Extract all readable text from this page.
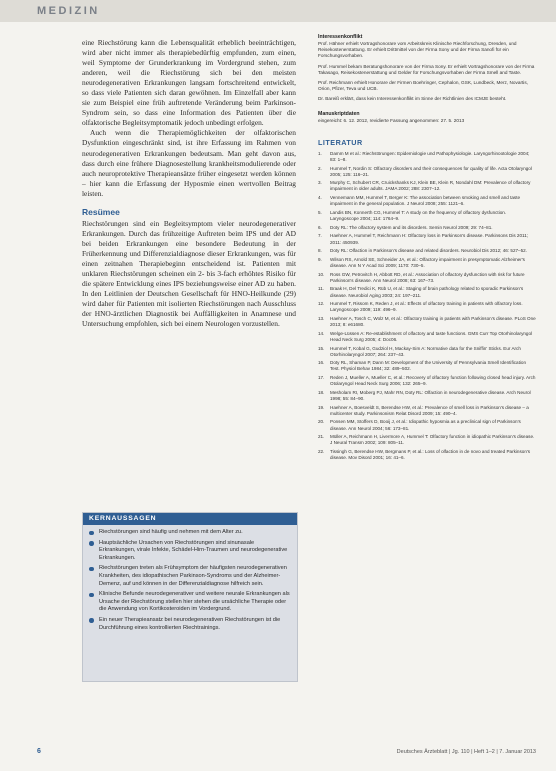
MEDIZIN

eine Riechstörung kann die Lebensqualität erheblich beeinträchtigen, wird aber nicht immer als therapiebedürftig empfunden, zum einen, weil Symptome der Grunderkrankung im Vordergrund stehen, zum anderen, weil die Riechstörung sich bei den meisten neurodegenerativen Erkrankungen langsam fortschreitend entwickelt, so dass viele Patienten sich daran gewöhnen. Im Einzelfall aber kann sie zum Beispiel eine früh auftretende Veränderung beim Parkinson-Syndrom sein, so dass eine Information des Patienten über die olfaktorische Begleitsymptomatik jedoch unbedingt erfolgen.

Auch wenn die Therapiemöglichkeiten der olfaktorischen Dysfunktion eingeschränkt sind, ist ihre Erfassung im Rahmen von neurodegenerativen Erkrankungen bedeutsam. Man geht davon aus, dass durch eine frühere Diagnosestellung krankheitsmodulierende oder auch neuroprotektive Therapieansätze früher eingesetzt werden können – hier kann die Erfassung der Hyposmie einen wertvollen Beitrag leisten.

Resümee

Riechstörungen sind ein Begleitsymptom vieler neurodegenerativer Erkrankungen. Durch das frühzeitige Auftreten beim IPS und der AD bei beiden Erkrankungen eine besondere Bedeutung in der Früherkennung und Differenzialdiagnose dieser Erkrankungen, was für einen zeitnahen Therapiebeginn entscheidend ist. Patienten mit unklaren Riechstörungen scheinen ein 2- bis 3-fach erhöhtes Risiko für die spätere Entwicklung eines IPS beziehungsweise einer AD zu haben. In den Leitlinien der Deutschen Gesellschaft für HNO-Heilkunde (29) wird daher für Patienten mit isolierten Riechstörungen nach Ausschluss der HNO-ärztlichen Diagnostik bei Auffälligkeiten in Anamnese und Untersuchung empfohlen, sich bei einem Neurologen vorzustellen.

KERNAUSSAGEN
Riechstörungen sind häufig und nehmen mit dem Alter zu.
Hauptsächliche Ursachen von Riechstörungen sind sinunasale Erkrankungen, virale Infekte, Schädel-Hirn-Traumen und neurodegenerative Erkrankungen.
Riechstörungen treten als Frühsymptom der häufigsten neurodegenerativen Krankheiten, des idiopathischen Parkinson-Syndroms und der Alzheimer-Demenz, auf und können in der Differenzialdiagnose hilfreich sein.
Klinische Befunde neurodegenerativer und weitere neurale Erkrankungen als Ursache der Riechstörung stellen hier stehen die ursächliche Therapie oder die Anwendung von Kortikosteroiden im Vordergrund.
Ein neuer Therapieansatz bei neurodegenerativen Riechstörungen ist die Durchführung eines kontrollierten Riechtrainings.
Interessenkonflikt

Prof. Hähner erhielt Vortragshonorare vom Arbeitskreis Klinische Riechforschung, Dresden, und Reisekostenerstattung. Er erhielt Drittmittel von der Firma Sony und der Firma Sanofi für ein Forschungsvorhaben.

Prof. Hummel bekam Beratungshonorare von der Firma Sony. Er erhielt Vortragshonorare von der Firma Takasago, Reisekostenerstattung und Gelder für Forschungsvorhaben der Firma Smell and Taste.

Prof. Reichmann erhielt Honorare der Firmen Boehringer, Cephalon, GSK, Lundbeck, Merz, Novartis, Orion, Pfizer, Teva und UCB.

Dr. Bareiß erklärt, dass kein Interessenkonflikt im Sinne der Richtlinien des ICMJE besteht.

Manuskriptdaten

eingereicht: 6. 12. 2012, revidierte Fassung angenommen: 27. 5. 2013

LITERATUR
1. Damm M et al.: Riechstörungen: Epidemiologie und Pathophysiologie. Laryngorhinootologie 2004; 83: 1–8.
2. Hummel T, Nordin S: Olfactory disorders and their consequences for quality of life. Acta Otolaryngol 2005; 125: 116–21.
3. Murphy C, Schubert CR, Cruickshanks KJ, Klein BE, Klein R, Nondahl DM: Prevalence of olfactory impairment in older adults. JAMA 2002; 288: 2307–12.
4. Vennemann MM, Hummel T, Berger K: The association between smoking and smell and taste impairment in the general population. J Neurol 2008; 255: 1121–6.
5. Landis BN, Konnerth CG, Hummel T: A study on the frequency of olfactory dysfunction. Laryngoscope 2004; 114: 1764–9.
6. Doty RL: The olfactory system and its disorders. Semin Neurol 2009; 29: 74–81.
7. Haehner A, Hummel T, Reichmann H: Olfactory loss in Parkinson's disease. Parkinsons Dis 2011; 2011: 450939.
8. Doty RL: Olfaction in Parkinson's disease and related disorders. Neurobiol Dis 2012; 46: 527–52.
9. Wilson RS, Arnold SE, Schneider JA, et al.: Olfactory impairment in presymptomatic Alzheimer's disease. Ann N Y Acad Sci 2009; 1170: 730–5.
10. Ross GW, Petrovitch H, Abbott RD, et al.: Association of olfactory dysfunction with risk for future Parkinson's disease. Ann Neurol 2008; 63: 167–73.
11. Braak H, Del Tredici K, Rüb U, et al.: Staging of brain pathology related to sporadic Parkinson's disease. Neurobiol Aging 2003; 24: 197–211.
12. Hummel T, Rissom K, Reden J, et al.: Effects of olfactory training in patients with olfactory loss. Laryngoscope 2009; 119: 496–9.
13. Haehner A, Tosch C, Wolz M, et al.: Olfactory training in patients with Parkinson's disease. PLoS One 2013; 8: e61680.
14. Welge-Lüssen A: Re-establishment of olfactory and taste functions. GMS Curr Top Otorhinolaryngol Head Neck Surg 2005; 4: Doc06.
15. Hummel T, Kobal G, Gudziol H, Mackay-Sim A: Normative data for the Sniffin' Sticks. Eur Arch Otorhinolaryngol 2007; 264: 237–43.
16. Doty RL, Shaman P, Dann M: Development of the University of Pennsylvania Smell Identification Test. Physiol Behav 1984; 32: 489–502.
17. Reden J, Mueller A, Mueller C, et al.: Recovery of olfactory function following closed head injury. Arch Otolaryngol Head Neck Surg 2006; 132: 265–9.
18. Mesholam RI, Moberg PJ, Mahr RN, Doty RL: Olfaction in neurodegenerative disease. Arch Neurol 1998; 55: 84–90.
19. Haehner A, Boesveldt S, Berendse HW, et al.: Prevalence of smell loss in Parkinson's disease – a multicenter study. Parkinsonism Relat Disord 2009; 15: 490–4.
20. Ponsen MM, Stoffers D, Booij J, et al.: Idiopathic hyposmia as a preclinical sign of Parkinson's disease. Ann Neurol 2004; 56: 173–81.
21. Müller A, Reichmann H, Livermore A, Hummel T: Olfactory function in idiopathic Parkinson's disease. J Neural Transm 2002; 109: 805–11.
22. Tissingh G, Berendse HW, Bergmans P, et al.: Loss of olfaction in de novo and treated Parkinson's disease. Mov Disord 2001; 16: 41–6.
6	Deutsches Ärzteblatt | Jg. 110 | Heft 1–2 | 7. Januar 2013
